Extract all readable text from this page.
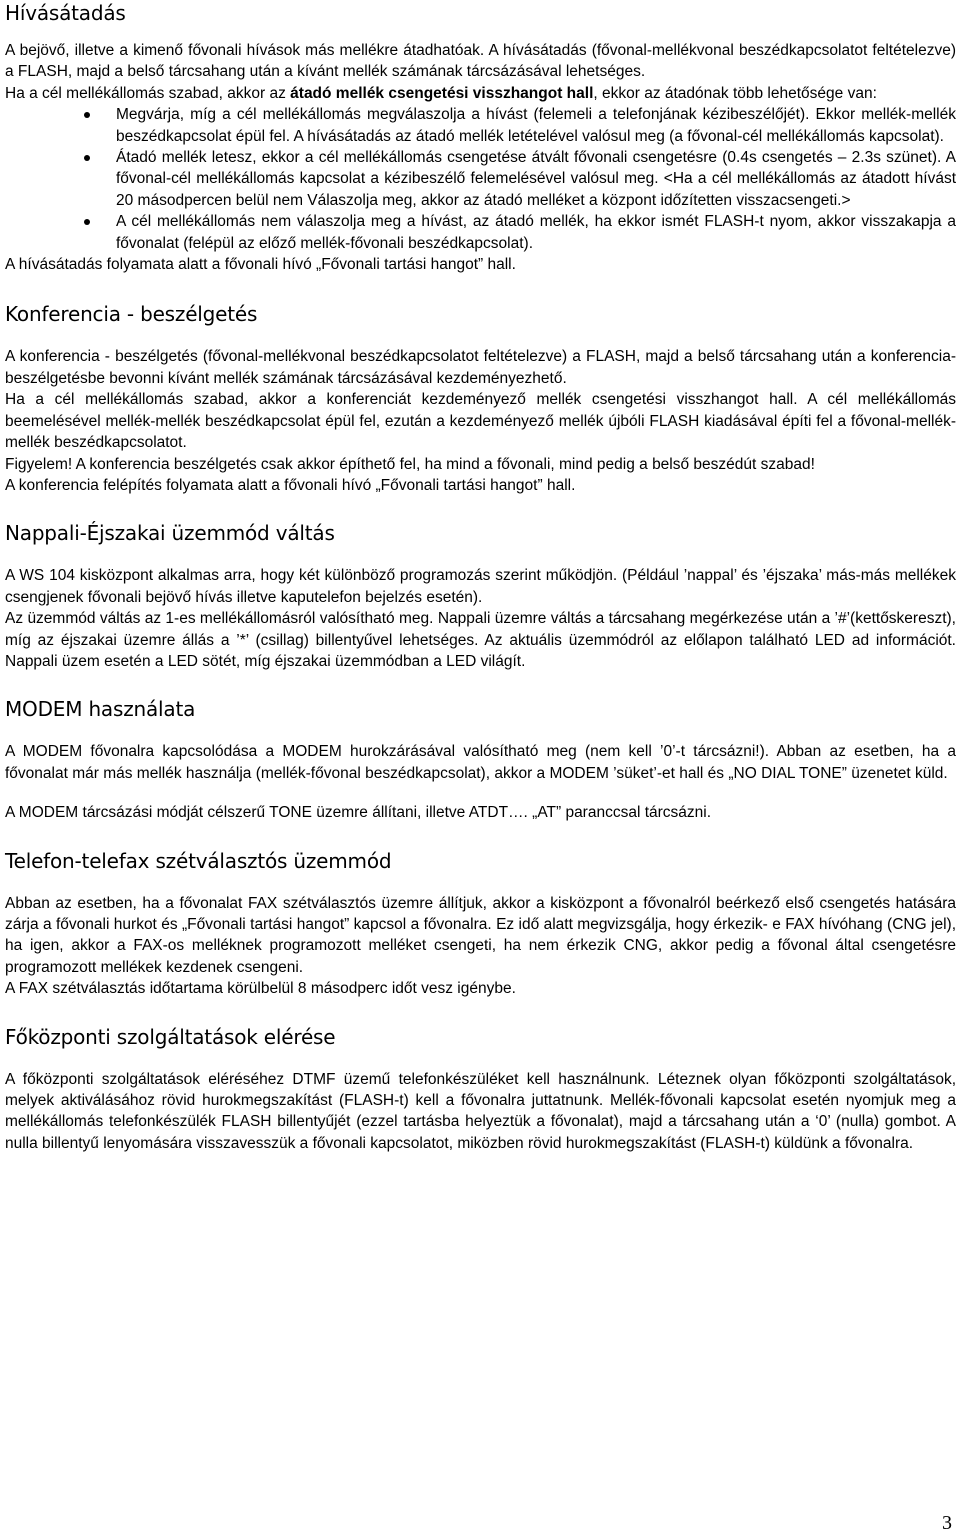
Hívásátadás

A bejövő, illetve a kimenő fővonali hívások más mellékre átadhatóak. A hívásátadás (fővonal-mellékvonal beszédkapcsolatot feltételezve) a FLASH, majd a belső tárcsahang után a kívánt mellék számának tárcsázásával lehetséges.

Ha a cél mellékállomás szabad, akkor az átadó mellék csengetési visszhangot hall, ekkor az átadónak több lehetősége van:

Megvárja, míg a cél mellékállomás megválaszolja a hívást (felemeli a telefonjának kézibeszélőjét). Ekkor mellék-mellék beszédkapcsolat épül fel. A hívásátadás az átadó mellék letételével valósul meg (a fővonal-cél mellékállomás kapcsolat).
Átadó mellék letesz, ekkor a cél mellékállomás csengetése átvált fővonali csengetésre (0.4s csengetés – 2.3s szünet). A fővonal-cél mellékállomás kapcsolat a kézibeszélő felemelésével valósul meg. <Ha a cél mellékállomás az átadott hívást 20 másodpercen belül nem Válaszolja meg, akkor az átadó melléket a központ időzítetten visszacsengeti.>
A cél mellékállomás nem válaszolja meg a hívást, az átadó mellék, ha ekkor ismét FLASH-t nyom, akkor visszakapja a fővonalat (felépül az előző mellék-fővonali beszédkapcsolat).

A hívásátadás folyamata alatt a fővonali hívó „Fővonali tartási hangot” hall.

Konferencia - beszélgetés

A konferencia - beszélgetés (fővonal-mellékvonal beszédkapcsolatot feltételezve) a FLASH, majd a belső tárcsahang után a konferencia-beszélgetésbe bevonni kívánt mellék számának tárcsázásával kezdeményezhető.

Ha a cél mellékállomás szabad, akkor a konferenciát kezdeményező mellék csengetési visszhangot hall. A cél mellékállomás beemelésével mellék-mellék beszédkapcsolat épül fel, ezután a kezdeményező mellék újbóli FLASH kiadásával építi fel a fővonal-mellék-mellék beszédkapcsolatot.

Figyelem! A konferencia beszélgetés csak akkor építhető fel, ha mind a fővonali, mind pedig a belső beszédút szabad!

A konferencia felépítés folyamata alatt a fővonali hívó „Fővonali tartási hangot” hall.

Nappali-Éjszakai üzemmód váltás

A WS 104 kisközpont alkalmas arra, hogy két különböző programozás szerint működjön. (Például ’nappal’ és ’éjszaka’ más-más mellékek csengjenek fővonali bejövő hívás illetve kaputelefon bejelzés esetén).

Az üzemmód váltás az 1-es mellékállomásról valósítható meg. Nappali üzemre váltás a tárcsahang megérkezése után a ’#’(kettőskereszt), míg az éjszakai üzemre állás a ’*’ (csillag) billentyűvel lehetséges. Az aktuális üzemmódról az előlapon található LED ad információt. Nappali üzem esetén a LED sötét, míg éjszakai üzemmódban a LED világít.

MODEM használata

A MODEM fővonalra kapcsolódása a MODEM hurokzárásával valósítható meg (nem kell ’0’-t tárcsázni!). Abban az esetben, ha a fővonalat már más mellék használja (mellék-fővonal beszédkapcsolat), akkor a MODEM ’süket’-et hall és „NO DIAL TONE” üzenetet küld.

A MODEM tárcsázási módját célszerű TONE üzemre állítani, illetve ATDT…. „AT” paranccsal tárcsázni.

Telefon-telefax szétválasztós üzemmód

Abban az esetben, ha a fővonalat FAX szétválasztós üzemre állítjuk, akkor a kisközpont a fővonalról beérkező első csengetés hatására zárja a fővonali hurkot és „Fővonali tartási hangot” kapcsol a fővonalra. Ez idő alatt megvizsgálja, hogy érkezik- e FAX hívóhang (CNG jel), ha igen, akkor a FAX-os melléknek programozott melléket csengeti, ha nem érkezik CNG, akkor pedig a fővonal által csengetésre programozott mellékek kezdenek csengeni.

A FAX szétválasztás időtartama körülbelül 8 másodperc időt vesz igénybe.

Főközponti szolgáltatások elérése

A főközponti szolgáltatások eléréséhez DTMF üzemű telefonkészüléket kell használnunk. Léteznek olyan főközponti szolgáltatások, melyek aktiválásához rövid hurokmegszakítást (FLASH-t) kell a fővonalra juttatnunk. Mellék-fővonali kapcsolat esetén nyomjuk meg a mellékállomás telefonkészülék FLASH billentyűjét (ezzel tartásba helyeztük a fővonalat), majd a tárcsahang után a ‘0’ (nulla) gombot. A nulla billentyű lenyomására visszavesszük a fővonali kapcsolatot, miközben rövid hurokmegszakítást (FLASH-t) küldünk a fővonalra.

3
